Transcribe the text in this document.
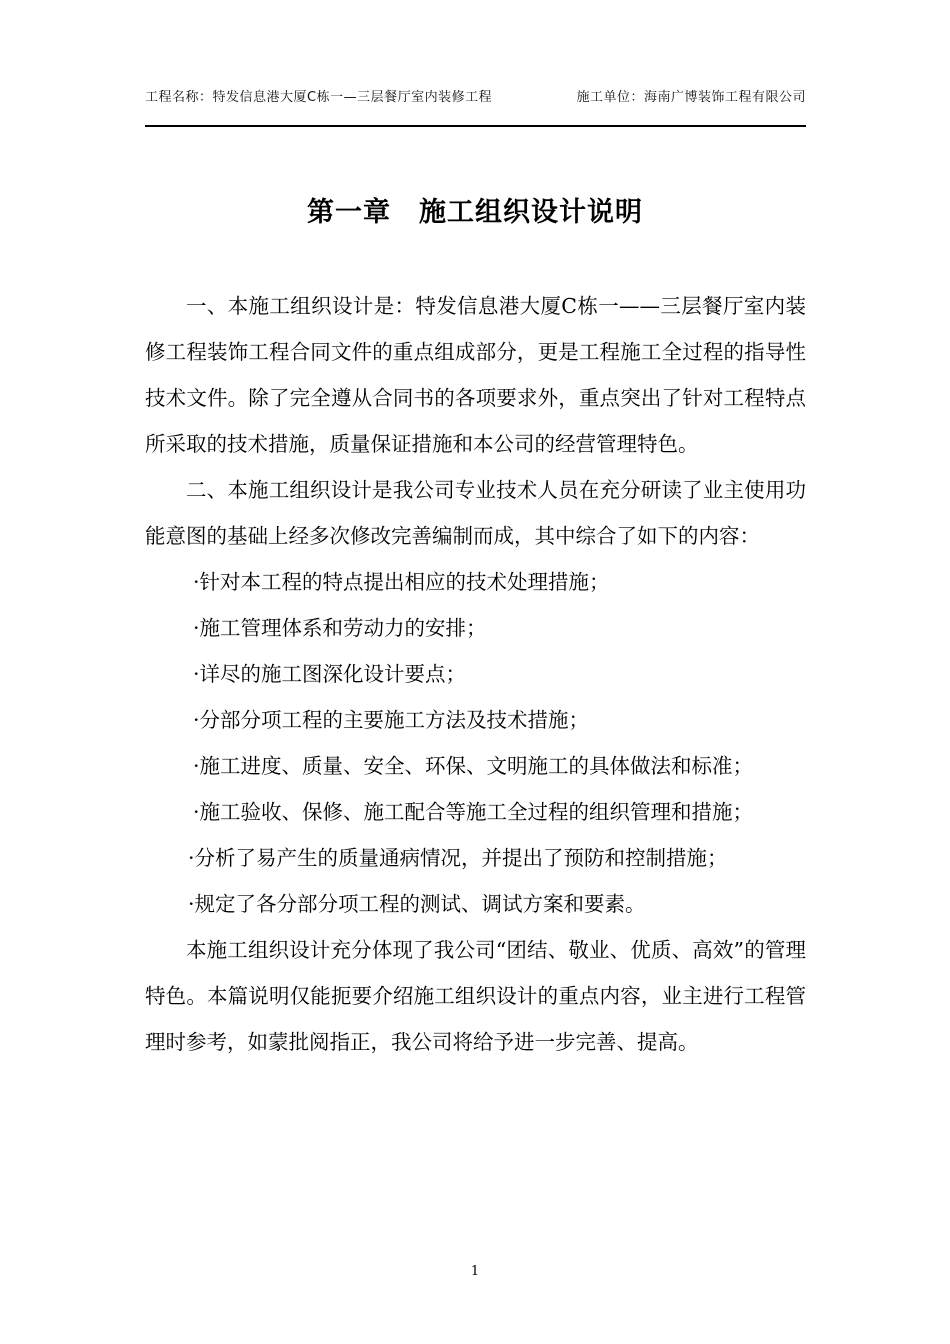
工程名称：特发信息港大厦C栋一—三层餐厅室内装修工程	施工单位：海南广博装饰工程有限公司
第一章　施工组织设计说明

一、本施工组织设计是：特发信息港大厦C栋一——三层餐厅室内装修工程装饰工程合同文件的重点组成部分，更是工程施工全过程的指导性技术文件。除了完全遵从合同书的各项要求外，重点突出了针对工程特点所采取的技术措施，质量保证措施和本公司的经营管理特色。

二、本施工组织设计是我公司专业技术人员在充分研读了业主使用功能意图的基础上经多次修改完善编制而成，其中综合了如下的内容：

·针对本工程的特点提出相应的技术处理措施；
·施工管理体系和劳动力的安排；
·详尽的施工图深化设计要点；
·分部分项工程的主要施工方法及技术措施；
·施工进度、质量、安全、环保、文明施工的具体做法和标准；
·施工验收、保修、施工配合等施工全过程的组织管理和措施；
·分析了易产生的质量通病情况，并提出了预防和控制措施；
·规定了各分部分项工程的测试、调试方案和要素。

本施工组织设计充分体现了我公司“团结、敬业、优质、高效”的管理特色。本篇说明仅能扼要介绍施工组织设计的重点内容，业主进行工程管理时参考，如蒙批阅指正，我公司将给予进一步完善、提高。

1
